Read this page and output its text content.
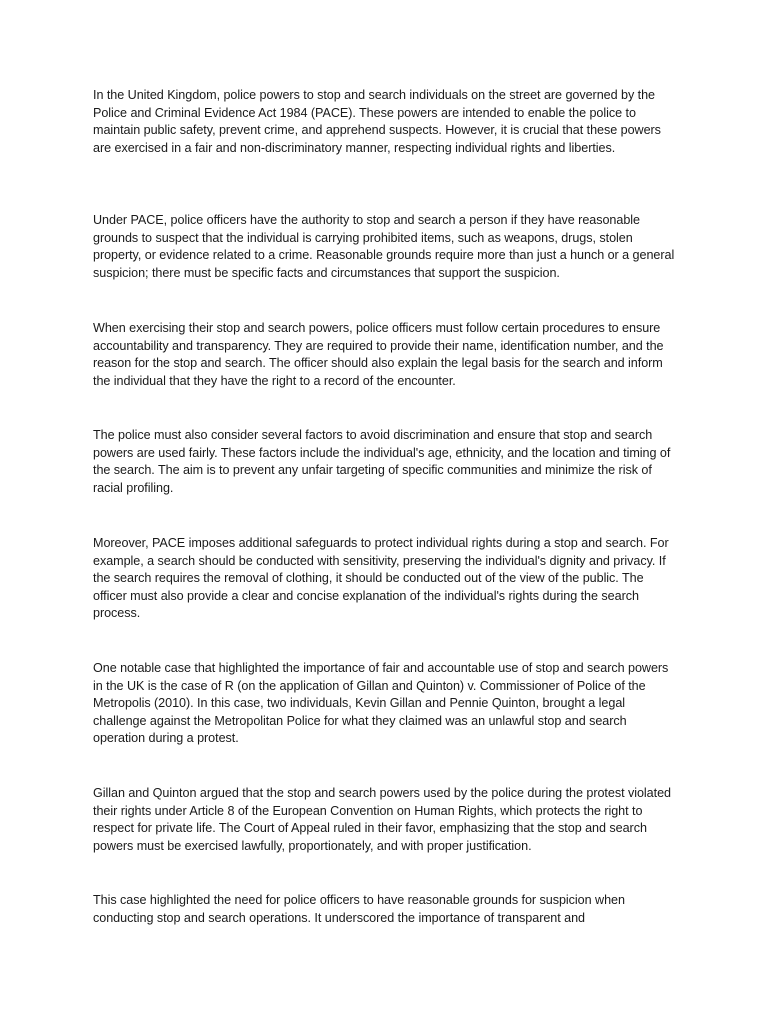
In the United Kingdom, police powers to stop and search individuals on the street are governed by the Police and Criminal Evidence Act 1984 (PACE). These powers are intended to enable the police to maintain public safety, prevent crime, and apprehend suspects. However, it is crucial that these powers are exercised in a fair and non-discriminatory manner, respecting individual rights and liberties.

Under PACE, police officers have the authority to stop and search a person if they have reasonable grounds to suspect that the individual is carrying prohibited items, such as weapons, drugs, stolen property, or evidence related to a crime. Reasonable grounds require more than just a hunch or a general suspicion; there must be specific facts and circumstances that support the suspicion.

When exercising their stop and search powers, police officers must follow certain procedures to ensure accountability and transparency. They are required to provide their name, identification number, and the reason for the stop and search. The officer should also explain the legal basis for the search and inform the individual that they have the right to a record of the encounter.

The police must also consider several factors to avoid discrimination and ensure that stop and search powers are used fairly. These factors include the individual's age, ethnicity, and the location and timing of the search. The aim is to prevent any unfair targeting of specific communities and minimize the risk of racial profiling.

Moreover, PACE imposes additional safeguards to protect individual rights during a stop and search. For example, a search should be conducted with sensitivity, preserving the individual's dignity and privacy. If the search requires the removal of clothing, it should be conducted out of the view of the public. The officer must also provide a clear and concise explanation of the individual's rights during the search process.

One notable case that highlighted the importance of fair and accountable use of stop and search powers in the UK is the case of R (on the application of Gillan and Quinton) v. Commissioner of Police of the Metropolis (2010). In this case, two individuals, Kevin Gillan and Pennie Quinton, brought a legal challenge against the Metropolitan Police for what they claimed was an unlawful stop and search operation during a protest.

Gillan and Quinton argued that the stop and search powers used by the police during the protest violated their rights under Article 8 of the European Convention on Human Rights, which protects the right to respect for private life. The Court of Appeal ruled in their favor, emphasizing that the stop and search powers must be exercised lawfully, proportionately, and with proper justification.

This case highlighted the need for police officers to have reasonable grounds for suspicion when conducting stop and search operations. It underscored the importance of transparent and
